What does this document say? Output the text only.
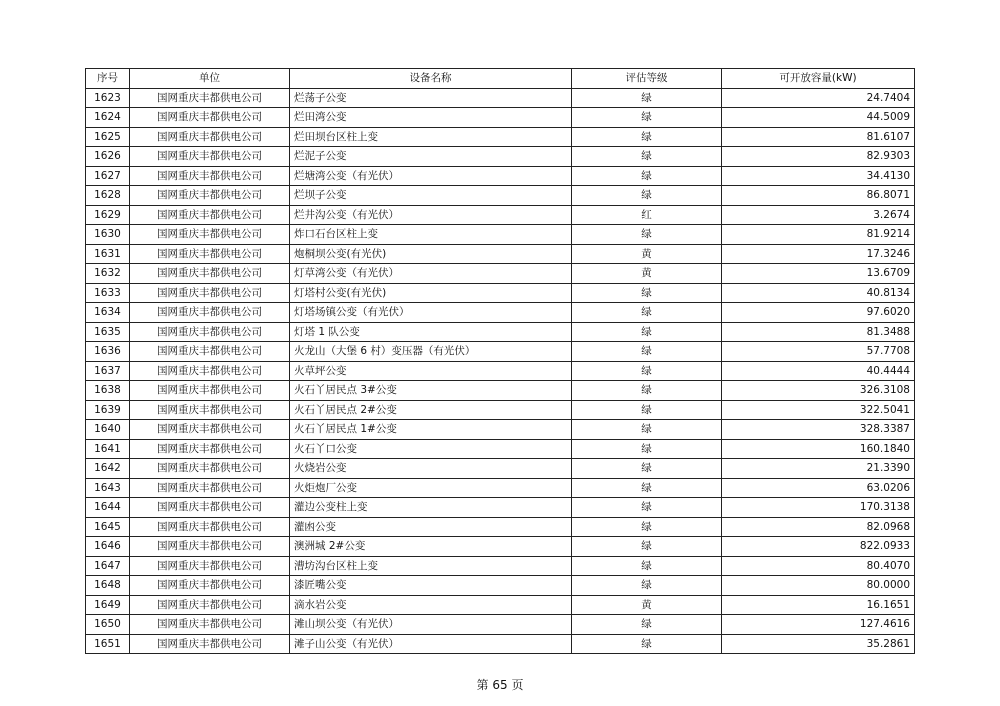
序号	单位	设备名称	评估等级	可开放容量(kW)
1623	国网重庆丰都供电公司	烂荡子公变	绿	24.7404
1624	国网重庆丰都供电公司	烂田湾公变	绿	44.5009
1625	国网重庆丰都供电公司	烂田坝台区柱上变	绿	81.6107
1626	国网重庆丰都供电公司	烂泥子公变	绿	82.9303
1627	国网重庆丰都供电公司	烂塘湾公变（有光伏）	绿	34.4130
1628	国网重庆丰都供电公司	烂坝子公变	绿	86.8071
1629	国网重庆丰都供电公司	烂井沟公变（有光伏）	红	3.2674
1630	国网重庆丰都供电公司	炸口石台区柱上变	绿	81.9214
1631	国网重庆丰都供电公司	炮桐坝公变(有光伏)	黄	17.3246
1632	国网重庆丰都供电公司	灯草湾公变（有光伏）	黄	13.6709
1633	国网重庆丰都供电公司	灯塔村公变(有光伏)	绿	40.8134
1634	国网重庆丰都供电公司	灯塔场镇公变（有光伏）	绿	97.6020
1635	国网重庆丰都供电公司	灯塔 1 队公变	绿	81.3488
1636	国网重庆丰都供电公司	火龙山（大堡 6 村）变压器（有光伏）	绿	57.7708
1637	国网重庆丰都供电公司	火草坪公变	绿	40.4444
1638	国网重庆丰都供电公司	火石丫居民点 3#公变	绿	326.3108
1639	国网重庆丰都供电公司	火石丫居民点 2#公变	绿	322.5041
1640	国网重庆丰都供电公司	火石丫居民点 1#公变	绿	328.3387
1641	国网重庆丰都供电公司	火石丫口公变	绿	160.1840
1642	国网重庆丰都供电公司	火烧岩公变	绿	21.3390
1643	国网重庆丰都供电公司	火炬炮厂公变	绿	63.0206
1644	国网重庆丰都供电公司	灌边公变柱上变	绿	170.3138
1645	国网重庆丰都供电公司	灌凼公变	绿	82.0968
1646	国网重庆丰都供电公司	澳洲城 2#公变	绿	822.0933
1647	国网重庆丰都供电公司	漕坊沟台区柱上变	绿	80.4070
1648	国网重庆丰都供电公司	漆匠嘴公变	绿	80.0000
1649	国网重庆丰都供电公司	滴水岩公变	黄	16.1651
1650	国网重庆丰都供电公司	滩山坝公变（有光伏）	绿	127.4616
1651	国网重庆丰都供电公司	滩子山公变（有光伏）	绿	35.2861
第 65 页
